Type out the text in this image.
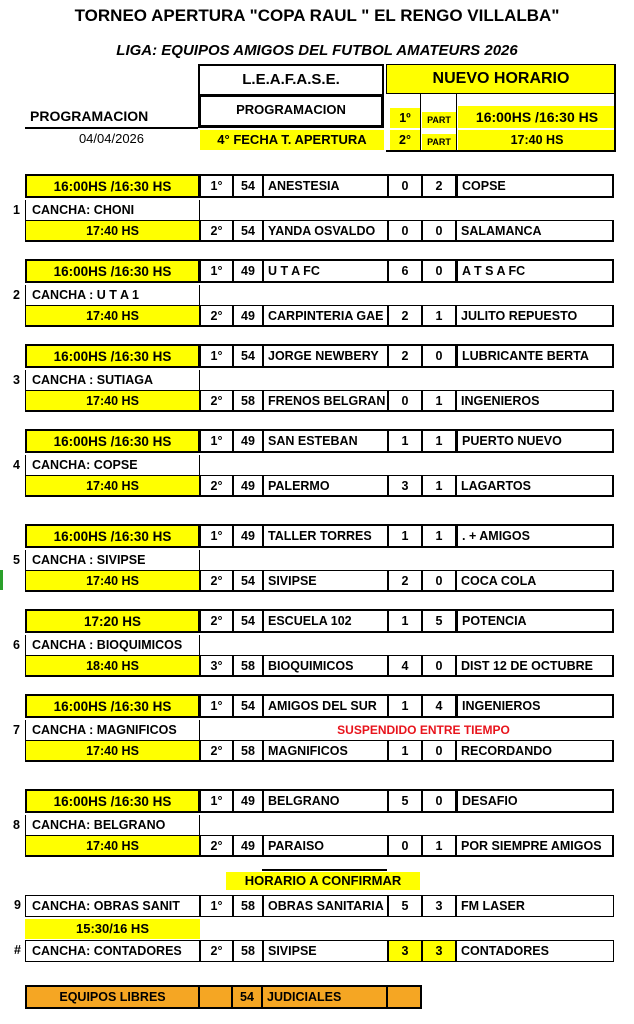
TORNEO APERTURA "COPA RAUL " EL RENGO VILLALBA"
LIGA: EQUIPOS AMIGOS DEL FUTBOL AMATEURS 2026
L.E.A.F.A.S.E.	NUEVO HORARIO
PROGRAMACION
PROGRAMACION
04/04/2026	4° FECHA T. APERTURA
1º	PART	16:00HS /16:30 HS
2°	PART	17:40 HS
16:00HS /16:30 HS	1°	54	ANESTESIA	0	2	COPSE
1 CANCHA: CHONI
17:40 HS	2°	54	YANDA OSVALDO	0	0	SALAMANCA
16:00HS /16:30 HS	1°	49	U T A FC	6	0	A T S A FC
2 CANCHA : U T A 1
17:40 HS	2°	49	CARPINTERIA GAE	2	1	JULITO REPUESTO
16:00HS /16:30 HS	1°	54	JORGE NEWBERY	2	0	LUBRICANTE BERTA
3 CANCHA : SUTIAGA
17:40 HS	2°	58	FRENOS BELGRAN	0	1	INGENIEROS
16:00HS /16:30 HS	1°	49	SAN ESTEBAN	1	1	PUERTO NUEVO
4 CANCHA: COPSE
17:40 HS	2°	49	PALERMO	3	1	LAGARTOS
16:00HS /16:30 HS	1°	49	TALLER TORRES	1	1	. + AMIGOS
5 CANCHA : SIVIPSE
17:40 HS	2°	54	SIVIPSE	2	0	COCA COLA
17:20 HS	2°	54	ESCUELA 102	1	5	POTENCIA
6 CANCHA : BIOQUIMICOS
18:40 HS	3°	58	BIOQUIMICOS	4	0	DIST 12 DE OCTUBRE
16:00HS /16:30 HS	1°	54	AMIGOS DEL SUR	1	4	INGENIEROS
7 CANCHA : MAGNIFICOS	SUSPENDIDO ENTRE TIEMPO
17:40 HS	2°	58	MAGNIFICOS	1	0	RECORDANDO
16:00HS /16:30 HS	1°	49	BELGRANO	5	0	DESAFIO
8 CANCHA: BELGRANO
17:40 HS	2°	49	PARAISO	0	1	POR SIEMPRE AMIGOS
HORARIO A CONFIRMAR
9 CANCHA: OBRAS SANIT	1°	58	OBRAS SANITARIA	5	3	FM LASER
15:30/16 HS
# CANCHA: CONTADORES	2°	58	SIVIPSE	3	3	CONTADORES
EQUIPOS LIBRES	54	JUDICIALES
